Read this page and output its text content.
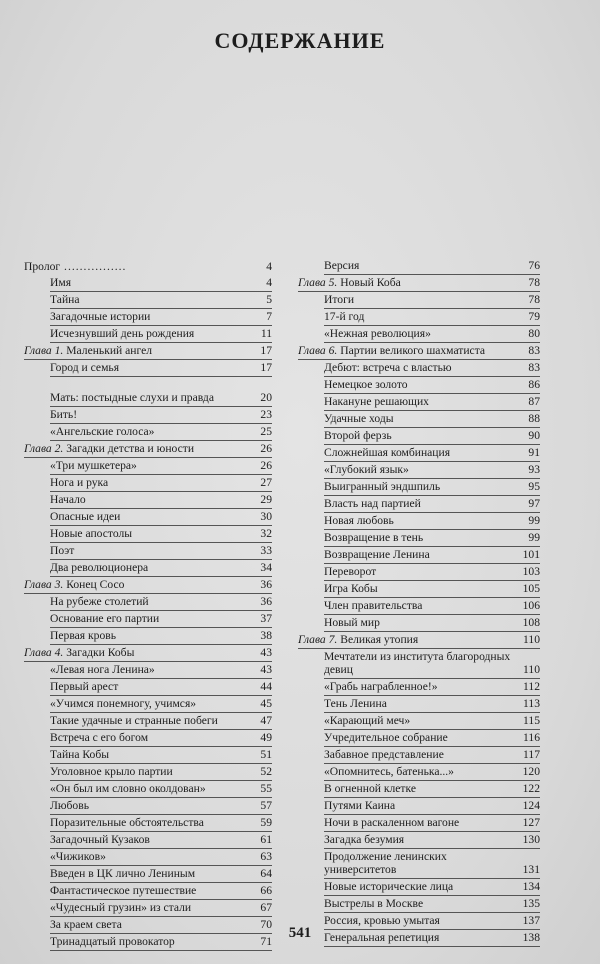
СОДЕРЖАНИЕ
Пролог .....	4
Имя	4
Тайна	5
Загадочные истории	7
Исчезнувший день рождения	11
Глава 1. Маленький ангел	17
Город и семья	17
Мать: постыдные слухи и правда	20
Бить!	23
«Ангельские голоса»	25
Глава 2. Загадки детства и юности	26
«Три мушкетера»	26
Нога и рука	27
Начало	29
Опасные идеи	30
Новые апостолы	32
Поэт	33
Два революционера	34
Глава 3. Конец Сосо	36
На рубеже столетий	36
Основание его партии	37
Первая кровь	38
Глава 4. Загадки Кобы	43
«Левая нога Ленина»	43
Первый арест	44
«Учимся понемногу, учимся»	45
Такие удачные и странные побеги	47
Встреча с его богом	49
Тайна Кобы	51
Уголовное крыло партии	52
«Он был им словно околдован»	55
Любовь	57
Поразительные обстоятельства	59
Загадочный Кузаков	61
«Чижиков»	63
Введен в ЦК лично Лениным	64
Фантастическое путешествие	66
«Чудесный грузин» из стали	67
За краем света	70
Тринадцатый провокатор	71
Версия	76
Глава 5. Новый Коба	78
Итоги	78
17-й год	79
«Нежная революция»	80
Глава 6. Партии великого шахматиста	83
Дебют: встреча с властью	83
Немецкое золото	86
Накануне решающих	87
Удачные ходы	88
Второй ферзь	90
Сложнейшая комбинация	91
«Глубокий язык»	93
Выигранный эндшпиль	95
Власть над партией	97
Новая любовь	99
Возвращение в тень	99
Возвращение Ленина	101
Переворот	103
Игра Кобы	105
Член правительства	106
Новый мир	108
Глава 7. Великая утопия	110
Мечтатели из института благородных девиц	110
«Грабь награбленное!»	112
Тень Ленина	113
«Карающий меч»	115
Учредительное собрание	116
Забавное представление	117
«Опомнитесь, батенька...»	120
В огненной клетке	122
Путями Каина	124
Ночи в раскаленном вагоне	127
Загадка безумия	130
Продолжение ленинских университетов	131
Новые исторические лица	134
Выстрелы в Москве	135
Россия, кровью умытая	137
Генеральная репетиция	138
541
